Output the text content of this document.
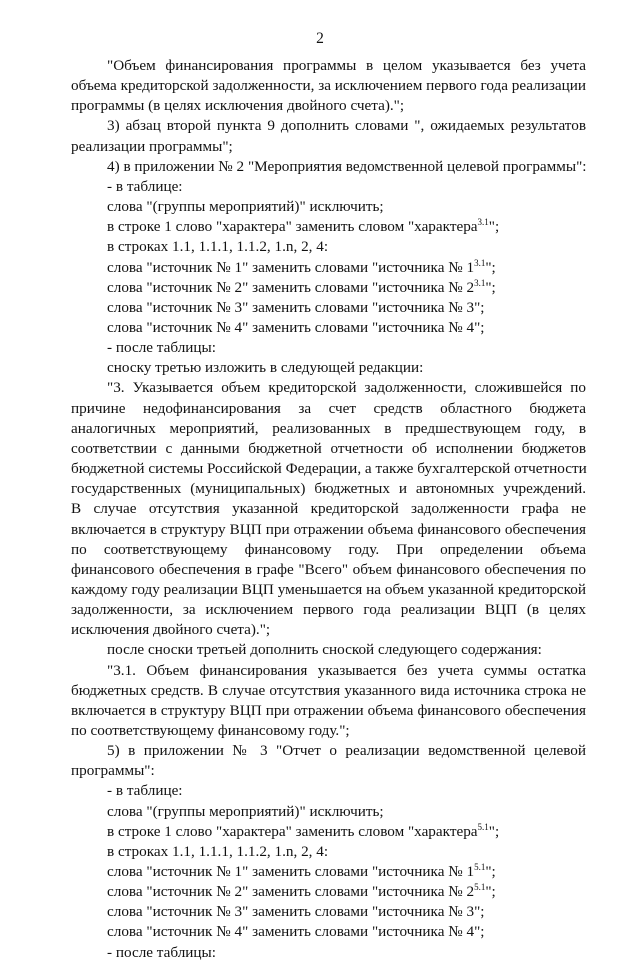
2
"Объем финансирования программы в целом указывается без учета
объема кредиторской задолженности, за исключением первого года реализации
программы (в целях исключения двойного счета).";
3) абзац второй пункта 9 дополнить словами ", ожидаемых результатов
реализации программы";
4) в приложении № 2 "Мероприятия ведомственной целевой программы":
- в таблице:
слова "(группы мероприятий)" исключить;
в строке 1 слово "характера" заменить словом "характера$^{3.1}$";
в строках 1.1, 1.1.1, 1.1.2, 1.n, 2, 4:
слова "источник № 1" заменить словами "источника № $1^{3.1}$";
слова "источник № 2" заменить словами "источника № $2^{3.1}$";
слова "источник № 3" заменить словами "источника № 3";
слова "источник № 4" заменить словами "источника № 4";
- после таблицы:
сноску третью изложить в следующей редакции:
"3. Указывается объем кредиторской задолженности, сложившейся по
причине недофинансирования за счет средств областного бюджета
аналогичных мероприятий, реализованных в предшествующем году, в
соответствии с данными бюджетной отчетности об исполнении бюджетов
бюджетной системы Российской Федерации, а также бухгалтерской отчетности
государственных (муниципальных) бюджетных и автономных учреждений.
В случае отсутствия указанной кредиторской задолженности графа не
включается в структуру ВЦП при отражении объема финансового обеспечения
по соответствующему финансовому году. При определении объема
финансового обеспечения в графе "Всего" объем финансового обеспечения по
каждому году реализации ВЦП уменьшается на объем указанной кредиторской
задолженности, за исключением первого года реализации ВЦП (в целях
исключения двойного счета).";
после сноски третьей дополнить сноской следующего содержания:
"3.1. Объем финансирования указывается без учета суммы остатка
бюджетных средств. В случае отсутствия указанного вида источника строка не
включается в структуру ВЦП при отражении объема финансового обеспечения
по соответствующему финансовому году.";
5) в приложении № 3 "Отчет о реализации ведомственной целевой
программы":
- в таблице:
слова "(группы мероприятий)" исключить;
в строке 1 слово "характера" заменить словом "характера$^{5.1}$";
в строках 1.1, 1.1.1, 1.1.2, 1.n, 2, 4:
слова "источник № 1" заменить словами "источника № $1^{5.1}$";
слова "источник № 2" заменить словами "источника № $2^{5.1}$";
слова "источник № 3" заменить словами "источника № 3";
слова "источник № 4" заменить словами "источника № 4";
- после таблицы:
